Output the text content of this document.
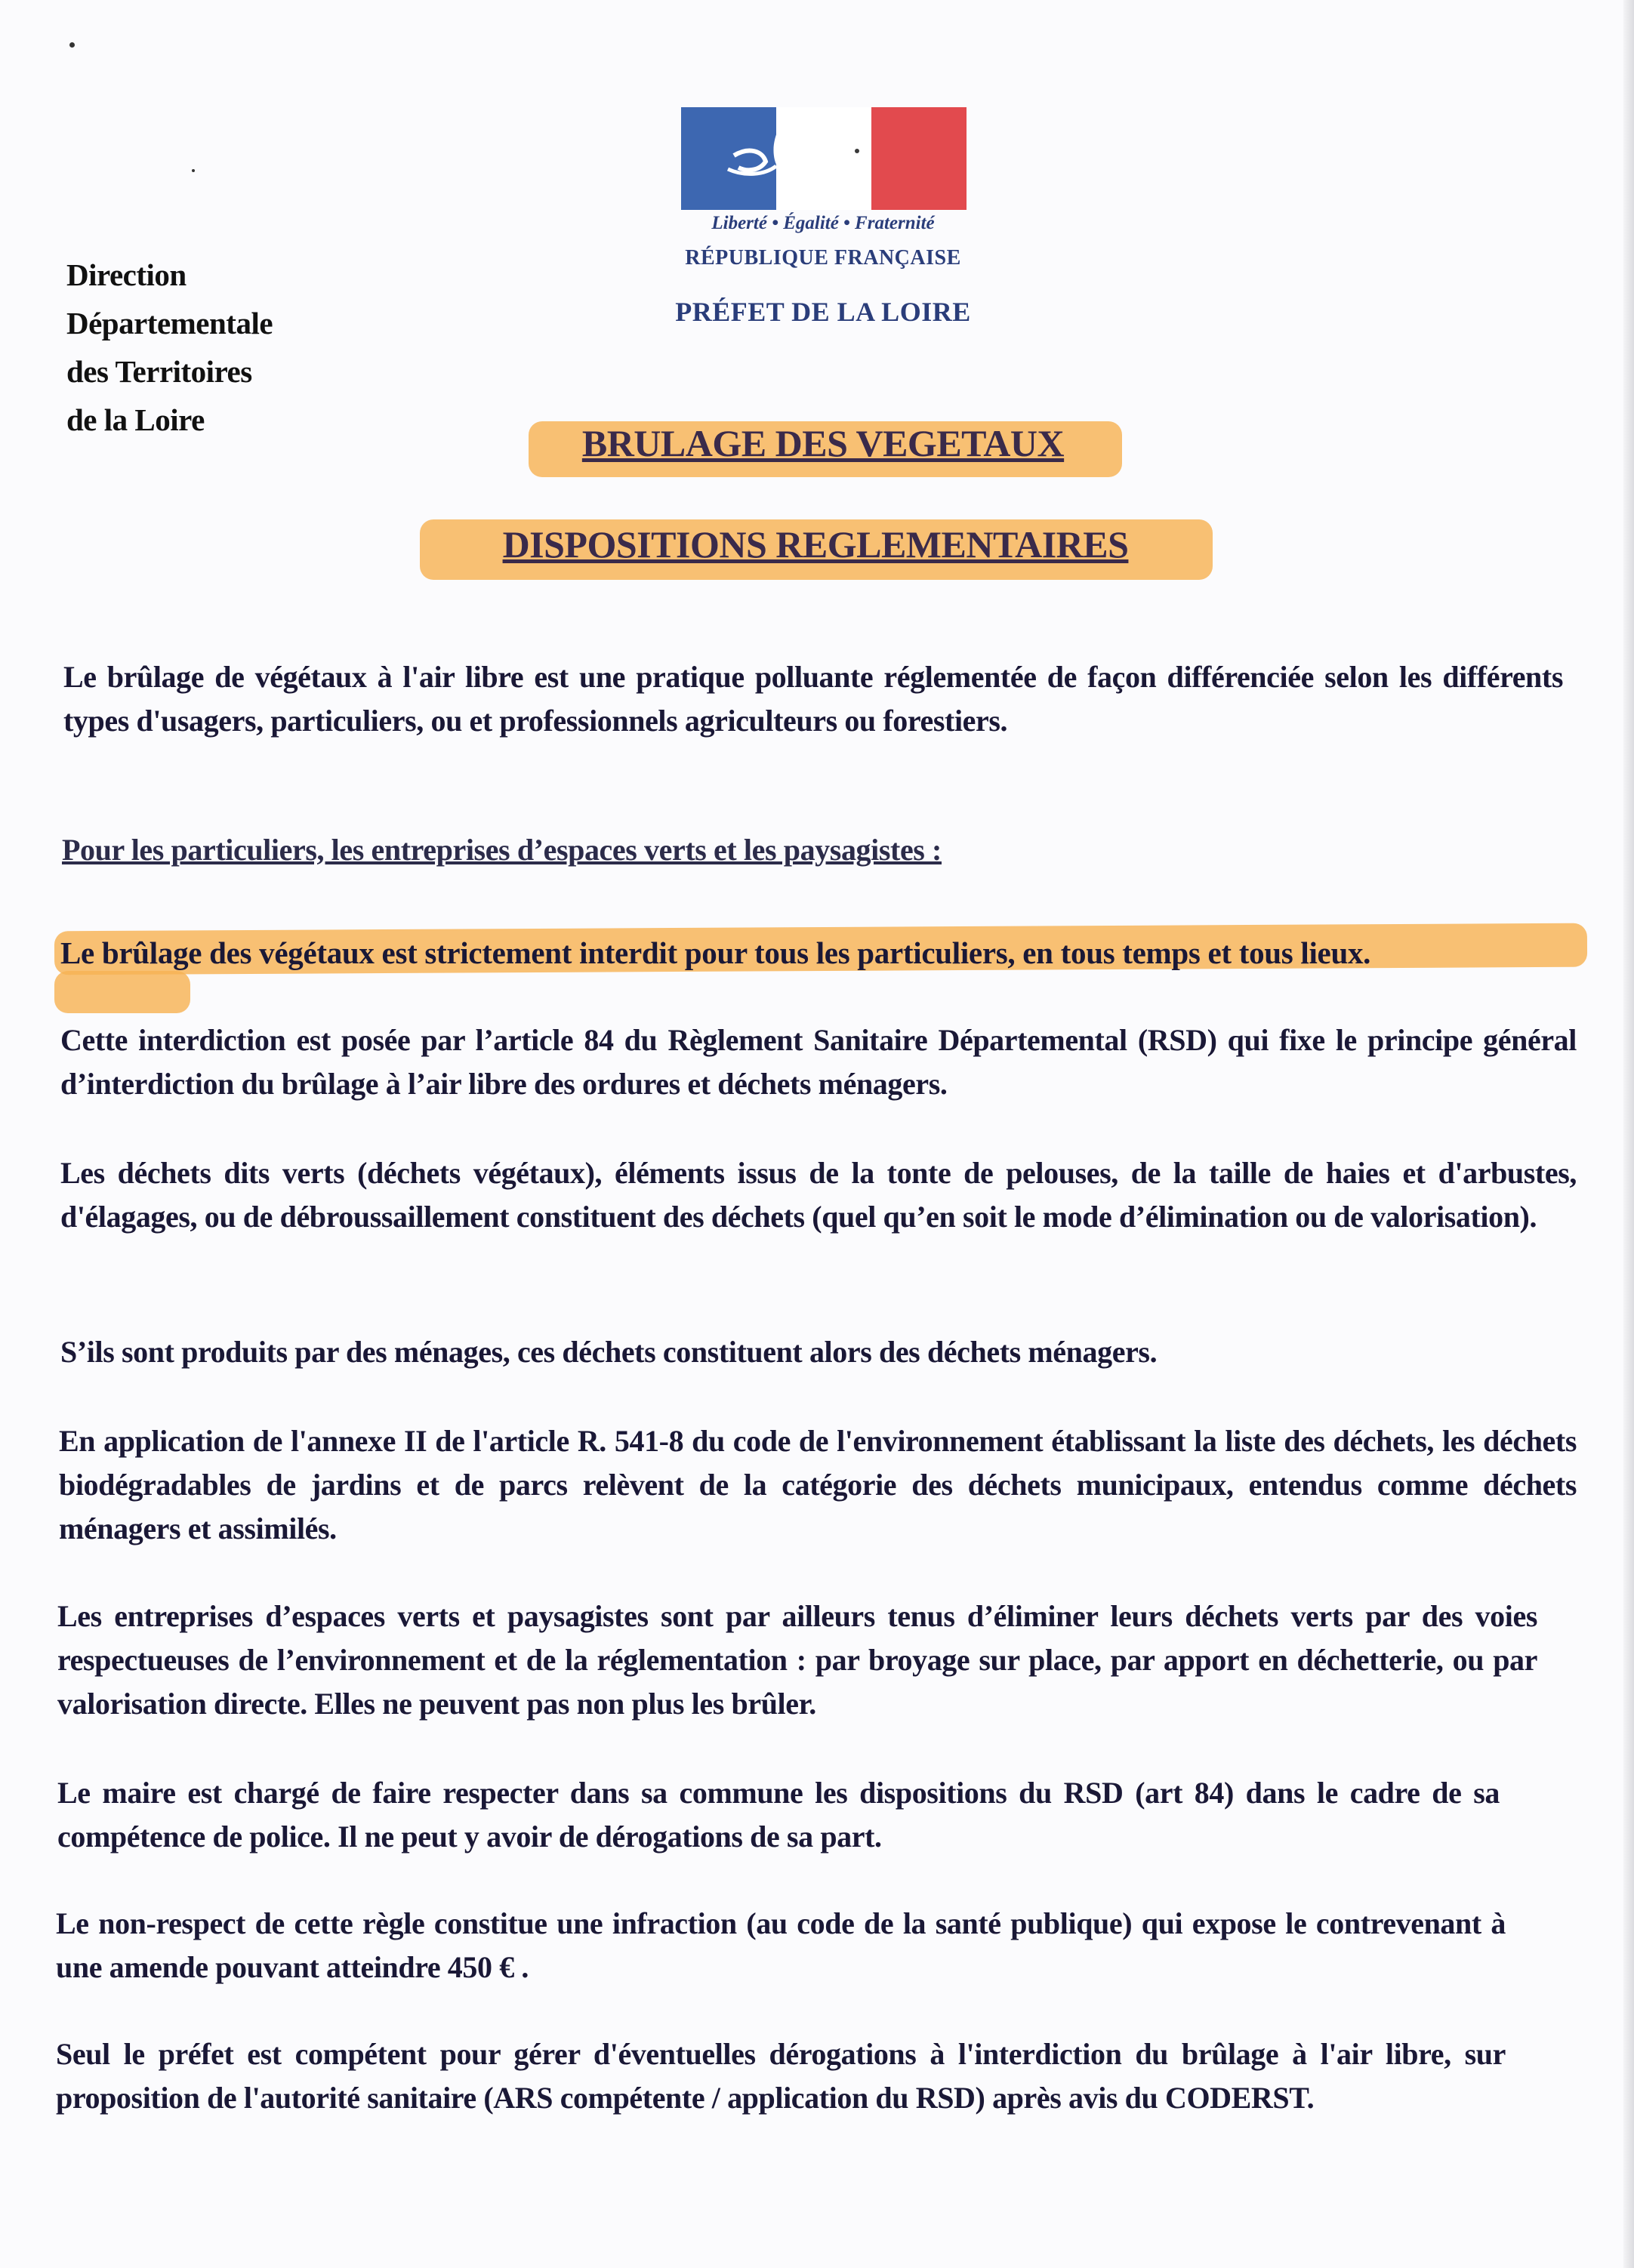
Direction
Départementale
des Territoires
de la Loire
Liberté • Égalité • Fraternité
RÉPUBLIQUE FRANÇAISE
PRÉFET DE LA LOIRE
BRULAGE DES VEGETAUX
DISPOSITIONS REGLEMENTAIRES
Le brûlage de végétaux à l'air libre est une pratique polluante réglementée de façon différenciée selon les différents types d'usagers, particuliers, ou et professionnels agriculteurs ou forestiers.
Pour les particuliers, les entreprises d’espaces verts et les paysagistes :
Le brûlage des végétaux est strictement interdit pour tous les particuliers, en tous temps et tous lieux.
Cette interdiction est posée par l’article 84 du Règlement Sanitaire Départemental (RSD) qui fixe le principe général d’interdiction du brûlage à l’air libre des ordures et déchets ménagers.
Les déchets dits verts (déchets végétaux), éléments issus de la tonte de pelouses, de la taille de haies et d'arbustes, d'élagages, ou de débroussaillement constituent des déchets (quel qu’en soit le mode d’élimination ou de valorisation).
S’ils sont produits par des ménages, ces déchets constituent alors des déchets ménagers.
En application de l'annexe II de l'article R. 541-8 du code de l'environnement établissant la liste des déchets, les déchets biodégradables de jardins et de parcs relèvent de la catégorie des déchets municipaux, entendus comme déchets ménagers et assimilés.
Les entreprises d’espaces verts et paysagistes sont par ailleurs tenus d’éliminer leurs déchets verts par des voies respectueuses de l’environnement et de la réglementation : par broyage sur place, par apport en déchetterie, ou par valorisation directe. Elles ne peuvent pas non plus les brûler.
Le maire est chargé de faire respecter dans sa commune les dispositions du RSD (art 84) dans le cadre de sa compétence de police. Il ne peut y avoir de dérogations de sa part.
Le non-respect de cette règle constitue une infraction (au code de la santé publique) qui expose le contrevenant à une amende pouvant atteindre 450 € .
Seul le préfet est compétent pour gérer d'éventuelles dérogations à l'interdiction du brûlage à l'air libre, sur proposition de l'autorité sanitaire (ARS compétente / application du RSD) après avis du CODERST.
